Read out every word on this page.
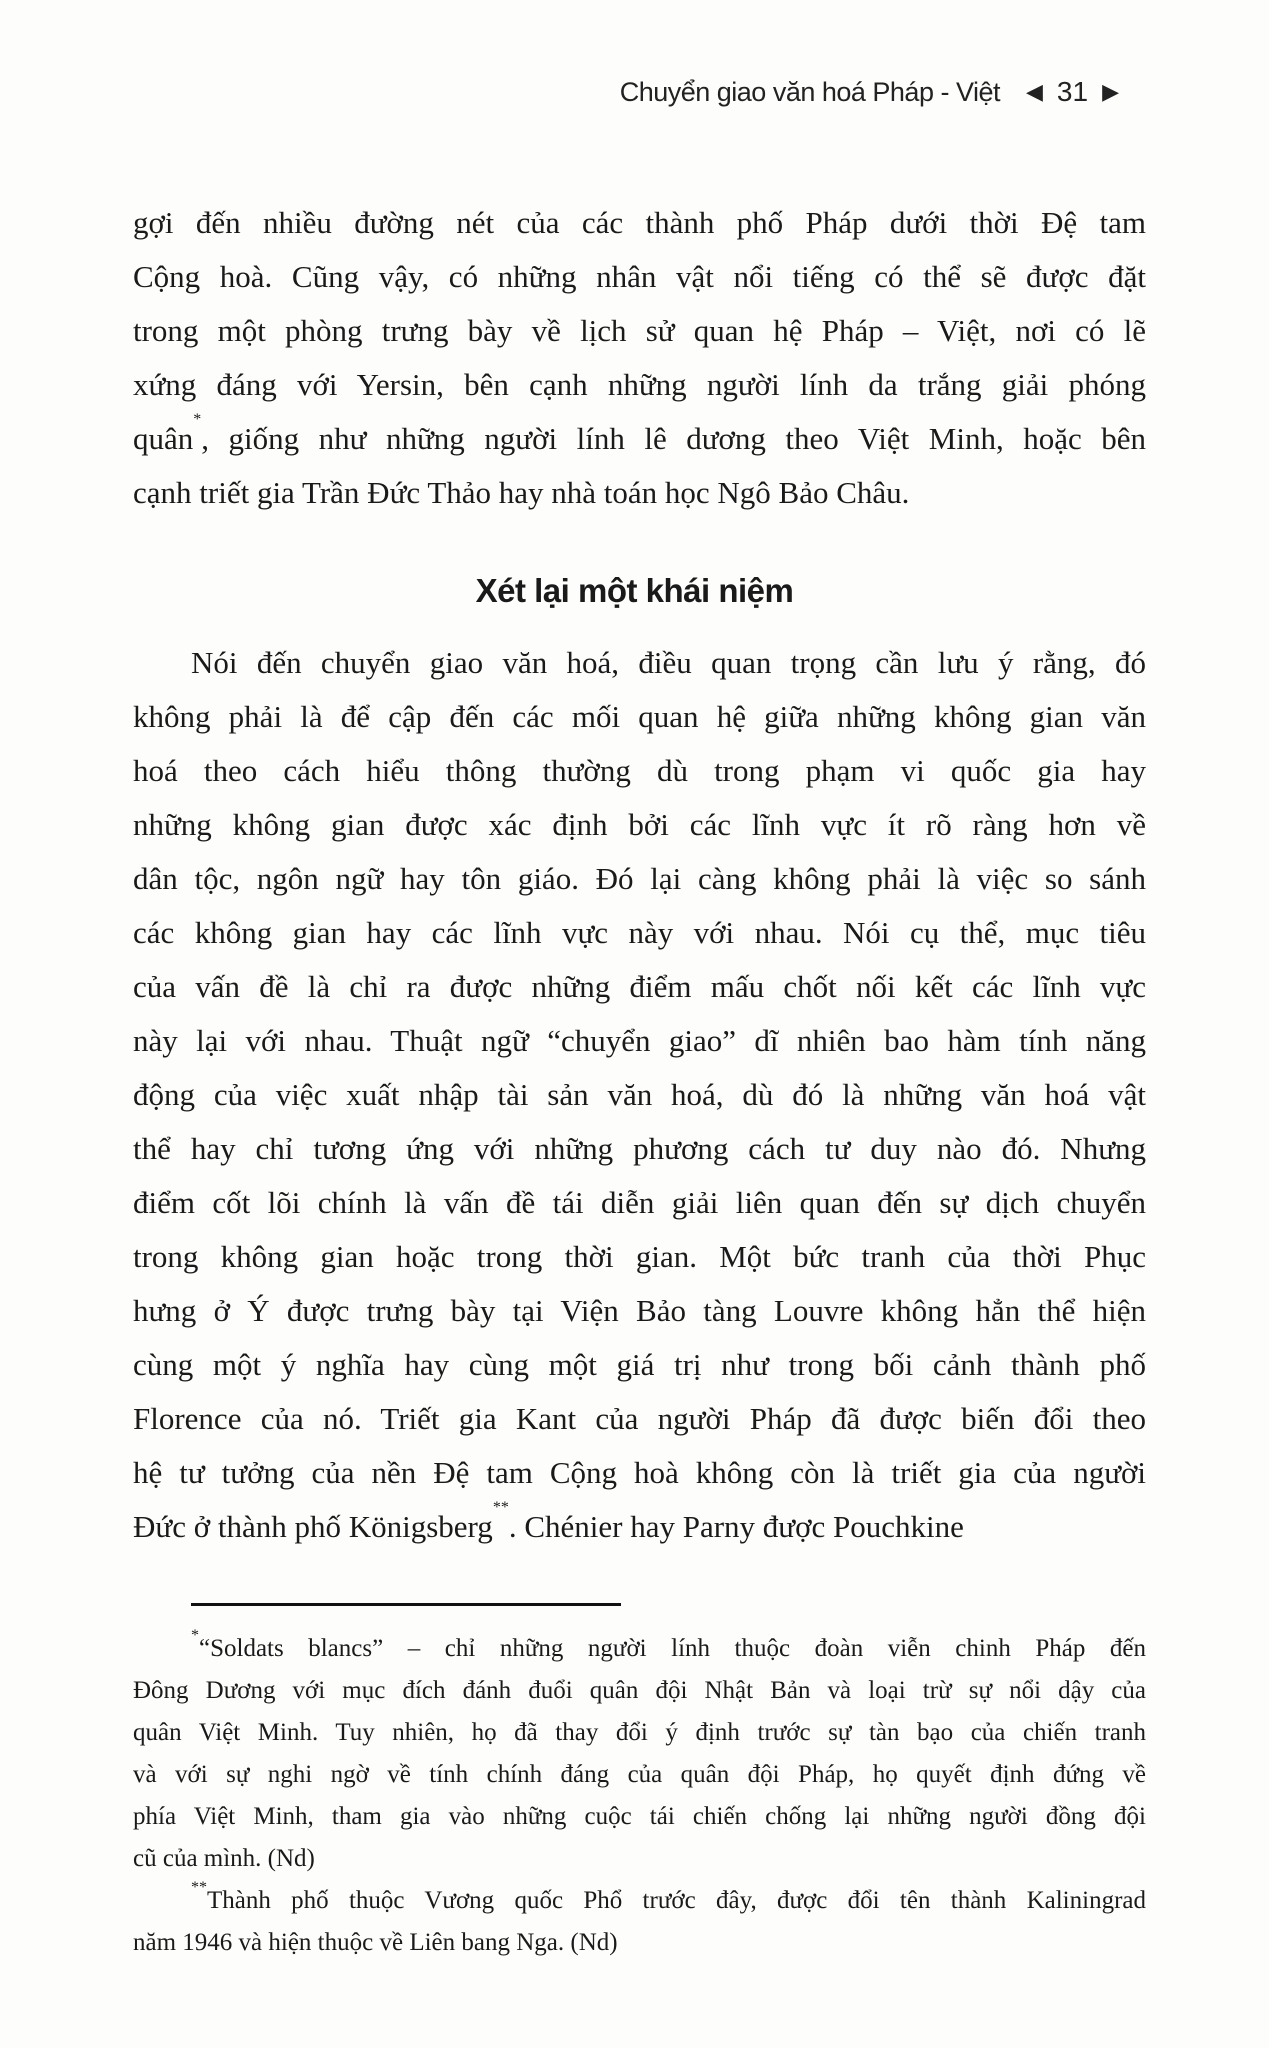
Chuyển giao văn hoá Pháp - Việt ◀ 31 ▶
gợi đến nhiều đường nét của các thành phố Pháp dưới thời Đệ tam
Cộng hoà. Cũng vậy, có những nhân vật nổi tiếng có thể sẽ được đặt
trong một phòng trưng bày về lịch sử quan hệ Pháp – Việt, nơi có lẽ
xứng đáng với Yersin, bên cạnh những người lính da trắng giải phóng
quân*, giống như những người lính lê dương theo Việt Minh, hoặc bên
cạnh triết gia Trần Đức Thảo hay nhà toán học Ngô Bảo Châu.
Xét lại một khái niệm
Nói đến chuyển giao văn hoá, điều quan trọng cần lưu ý rằng, đó
không phải là để cập đến các mối quan hệ giữa những không gian văn
hoá theo cách hiểu thông thường dù trong phạm vi quốc gia hay
những không gian được xác định bởi các lĩnh vực ít rõ ràng hơn về
dân tộc, ngôn ngữ hay tôn giáo. Đó lại càng không phải là việc so sánh
các không gian hay các lĩnh vực này với nhau. Nói cụ thể, mục tiêu
của vấn đề là chỉ ra được những điểm mấu chốt nối kết các lĩnh vực
này lại với nhau. Thuật ngữ “chuyển giao” dĩ nhiên bao hàm tính năng
động của việc xuất nhập tài sản văn hoá, dù đó là những văn hoá vật
thể hay chỉ tương ứng với những phương cách tư duy nào đó. Nhưng
điểm cốt lõi chính là vấn đề tái diễn giải liên quan đến sự dịch chuyển
trong không gian hoặc trong thời gian. Một bức tranh của thời Phục
hưng ở Ý được trưng bày tại Viện Bảo tàng Louvre không hẳn thể hiện
cùng một ý nghĩa hay cùng một giá trị như trong bối cảnh thành phố
Florence của nó. Triết gia Kant của người Pháp đã được biến đổi theo
hệ tư tưởng của nền Đệ tam Cộng hoà không còn là triết gia của người
Đức ở thành phố Königsberg**. Chénier hay Parny được Pouchkine
*“Soldats blancs” – chỉ những người lính thuộc đoàn viễn chinh Pháp đến
Đông Dương với mục đích đánh đuổi quân đội Nhật Bản và loại trừ sự nổi dậy của
quân Việt Minh. Tuy nhiên, họ đã thay đổi ý định trước sự tàn bạo của chiến tranh
và với sự nghi ngờ về tính chính đáng của quân đội Pháp, họ quyết định đứng về
phía Việt Minh, tham gia vào những cuộc tái chiến chống lại những người đồng đội
cũ của mình. (Nd)
**Thành phố thuộc Vương quốc Phổ trước đây, được đổi tên thành Kaliningrad
năm 1946 và hiện thuộc về Liên bang Nga. (Nd)
